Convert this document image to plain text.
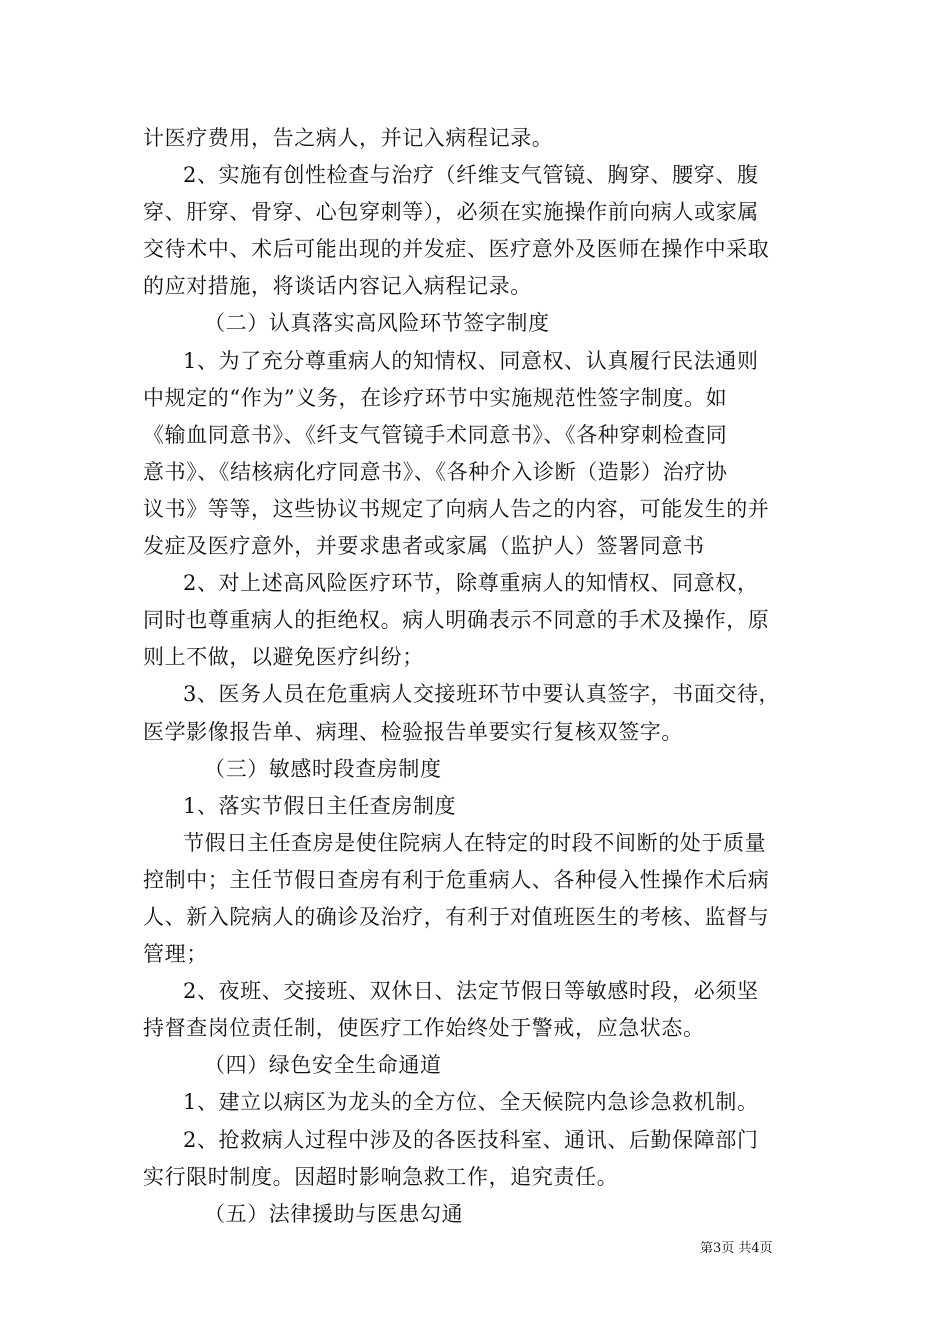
计医疗费用，告之病人，并记入病程记录。
2、实施有创性检查与治疗（纤维支气管镜、胸穿、腰穿、腹
穿、肝穿、骨穿、心包穿刺等），必须在实施操作前向病人或家属
交待术中、术后可能出现的并发症、医疗意外及医师在操作中采取
的应对措施，将谈话内容记入病程记录。
（二）认真落实高风险环节签字制度
1、为了充分尊重病人的知情权、同意权、认真履行民法通则
中规定的“作为”义务，在诊疗环节中实施规范性签字制度。如
《输血同意书》、《纤支气管镜手术同意书》、《各种穿刺检查同
意书》、《结核病化疗同意书》、《各种介入诊断（造影）治疗协
议书》等等，这些协议书规定了向病人告之的内容，可能发生的并
发症及医疗意外，并要求患者或家属（监护人）签署同意书
2、对上述高风险医疗环节，除尊重病人的知情权、同意权，
同时也尊重病人的拒绝权。病人明确表示不同意的手术及操作，原
则上不做，以避免医疗纠纷；
3、医务人员在危重病人交接班环节中要认真签字，书面交待，
医学影像报告单、病理、检验报告单要实行复核双签字。
（三）敏感时段查房制度
1、落实节假日主任查房制度
节假日主任查房是使住院病人在特定的时段不间断的处于质量
控制中；主任节假日查房有利于危重病人、各种侵入性操作术后病
人、新入院病人的确诊及治疗，有利于对值班医生的考核、监督与
管理；
2、夜班、交接班、双休日、法定节假日等敏感时段，必须坚
持督查岗位责任制，使医疗工作始终处于警戒，应急状态。
（四）绿色安全生命通道
1、建立以病区为龙头的全方位、全天候院内急诊急救机制。
2、抢救病人过程中涉及的各医技科室、通讯、后勤保障部门
实行限时制度。因超时影响急救工作，追究责任。
（五）法律援助与医患勾通
第3页 共4页
